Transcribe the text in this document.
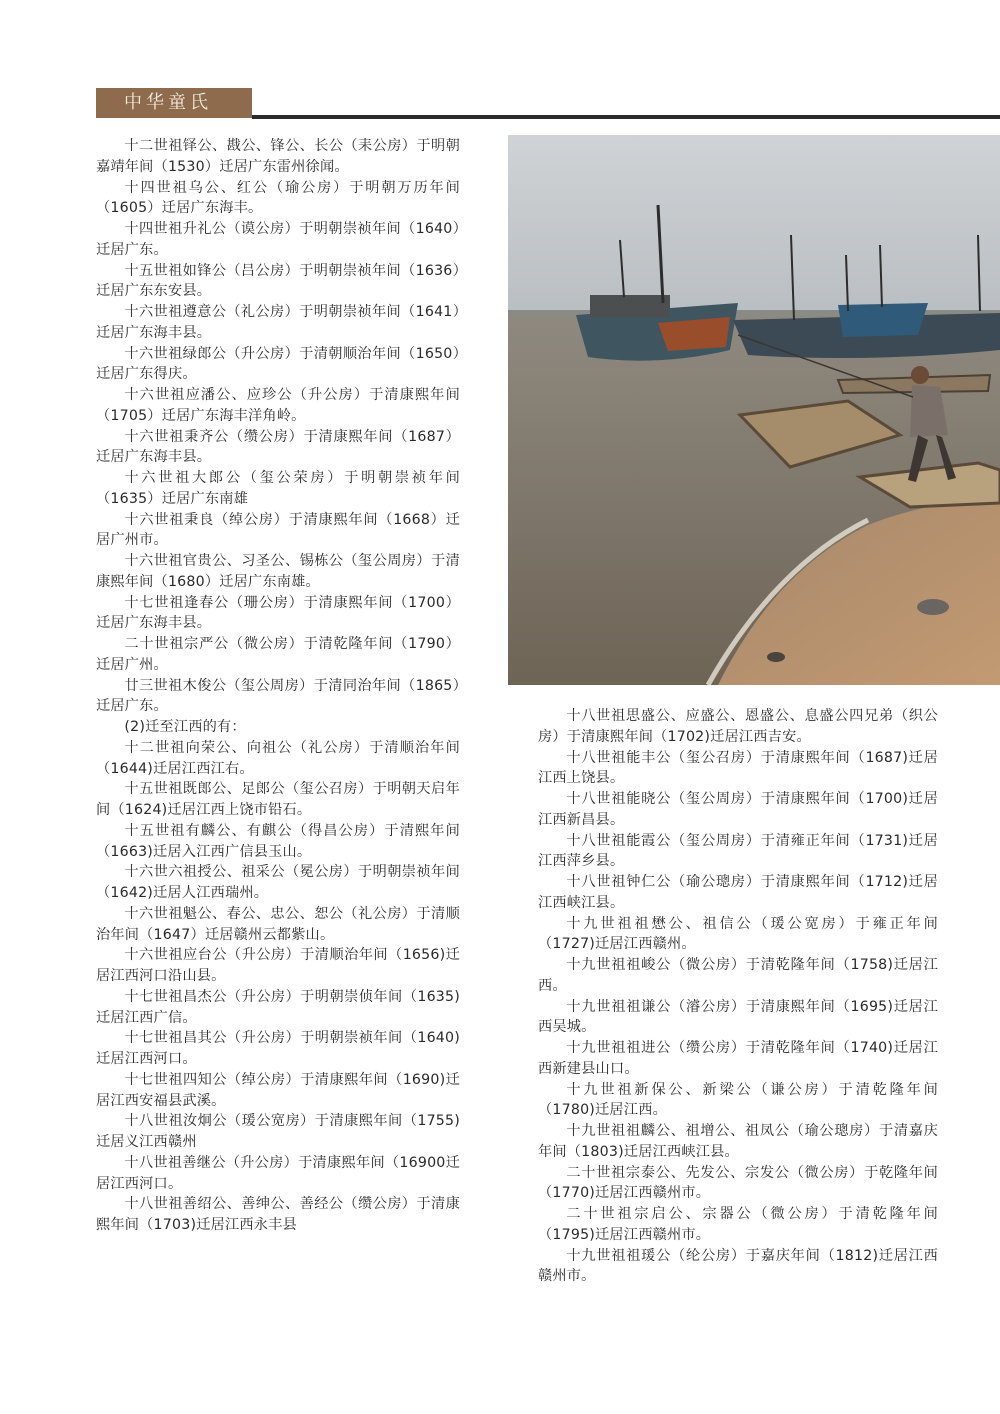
中华童氏

十二世祖铎公、戡公、锋公、长公（耒公房）于明朝嘉靖年间（1530）迁居广东雷州徐闻。

十四世祖乌公、红公（瑜公房）于明朝万历年间（1605）迁居广东海丰。

十四世祖升礼公（谟公房）于明朝崇祯年间（1640）迁居广东。

十五世祖如锋公（吕公房）于明朝崇祯年间（1636）迁居广东东安县。

十六世祖遵意公（礼公房）于明朝崇祯年间（1641）迁居广东海丰县。

十六世祖绿郎公（升公房）于清朝顺治年间（1650）迁居广东得庆。

十六世祖应潘公、应珍公（升公房）于清康熙年间（1705）迁居广东海丰洋角岭。

十六世祖秉齐公（缵公房）于清康熙年间（1687）迁居广东海丰县。

十六世祖大郎公（玺公荣房）于明朝崇祯年间（1635）迁居广东南雄

十六世祖秉良（绰公房）于清康熙年间（1668）迁居广州市。

十六世祖官贵公、习圣公、锡栋公（玺公周房）于清康熙年间（1680）迁居广东南雄。

十七世祖逢春公（珊公房）于清康熙年间（1700）迁居广东海丰县。

二十世祖宗严公（微公房）于清乾隆年间（1790）迁居广州。

廿三世祖木俊公（玺公周房）于清同治年间（1865）迁居广东。

(2)迁至江西的有：

十二世祖向荣公、向祖公（礼公房）于清顺治年间（1644)迁居江西江右。

十五世祖既郎公、足郎公（玺公召房）于明朝天启年间（1624)迁居江西上饶市铅石。

十五世祖有麟公、有麒公（得昌公房）于清熙年间（1663)迁居入江西广信县玉山。

十六世六祖授公、祖采公（冕公房）于明朝崇祯年间（1642)迁居人江西瑞州。

十六世祖魁公、春公、忠公、恕公（礼公房）于清顺治年间（1647）迁居赣州云都紫山。

十六世祖应台公（升公房）于清顺治年间（1656)迁居江西河口沿山县。

十七世祖昌杰公（升公房）于明朝崇侦年间（1635)迁居江西广信。

十七世祖昌其公（升公房）于明朝崇祯年间（1640)迁居江西河口。

十七世祖四知公（绰公房）于清康熙年间（1690)迁居江西安福县武溪。

十八世祖汝炯公（瑗公宽房）于清康熙年间（1755)迁居义江西赣州

十八世祖善继公（升公房）于清康熙年间（16900迁居江西河口。

十八世祖善绍公、善绅公、善经公（缵公房）于清康熙年间（1703)迁居江西永丰县

十八世祖思盛公、应盛公、恩盛公、息盛公四兄弟（织公房）于清康熙年间（1702)迁居江西吉安。

十八世祖能丰公（玺公召房）于清康熙年间（1687)迁居江西上饶县。

十八世祖能晓公（玺公周房）于清康熙年间（1700)迁居江西新昌县。

十八世祖能霞公（玺公周房）于清雍正年间（1731)迁居江西萍乡县。

十八世祖钟仁公（瑜公璁房）于清康熙年间（1712)迁居江西峡江县。

十九世祖祖懋公、祖信公（瑗公宽房）于雍正年间（1727)迁居江西赣州。

十九世祖祖峻公（微公房）于清乾隆年间（1758)迁居江西。

十九世祖祖谦公（濬公房）于清康熙年间（1695)迁居江西吴城。

十九世祖祖进公（缵公房）于清乾隆年间（1740)迁居江西新建县山口。

十九世祖新保公、新梁公（谦公房）于清乾隆年间（1780)迁居江西。

十九世祖祖麟公、祖增公、祖凤公（瑜公璁房）于清嘉庆年间（1803)迁居江西峡江县。

二十世祖宗泰公、先发公、宗发公（微公房）于乾隆年间（1770)迁居江西赣州市。

二十世祖宗启公、宗器公（微公房）于清乾隆年间（1795)迁居江西赣州市。

十九世祖祖瑗公（纶公房）于嘉庆年间（1812)迁居江西赣州市。
